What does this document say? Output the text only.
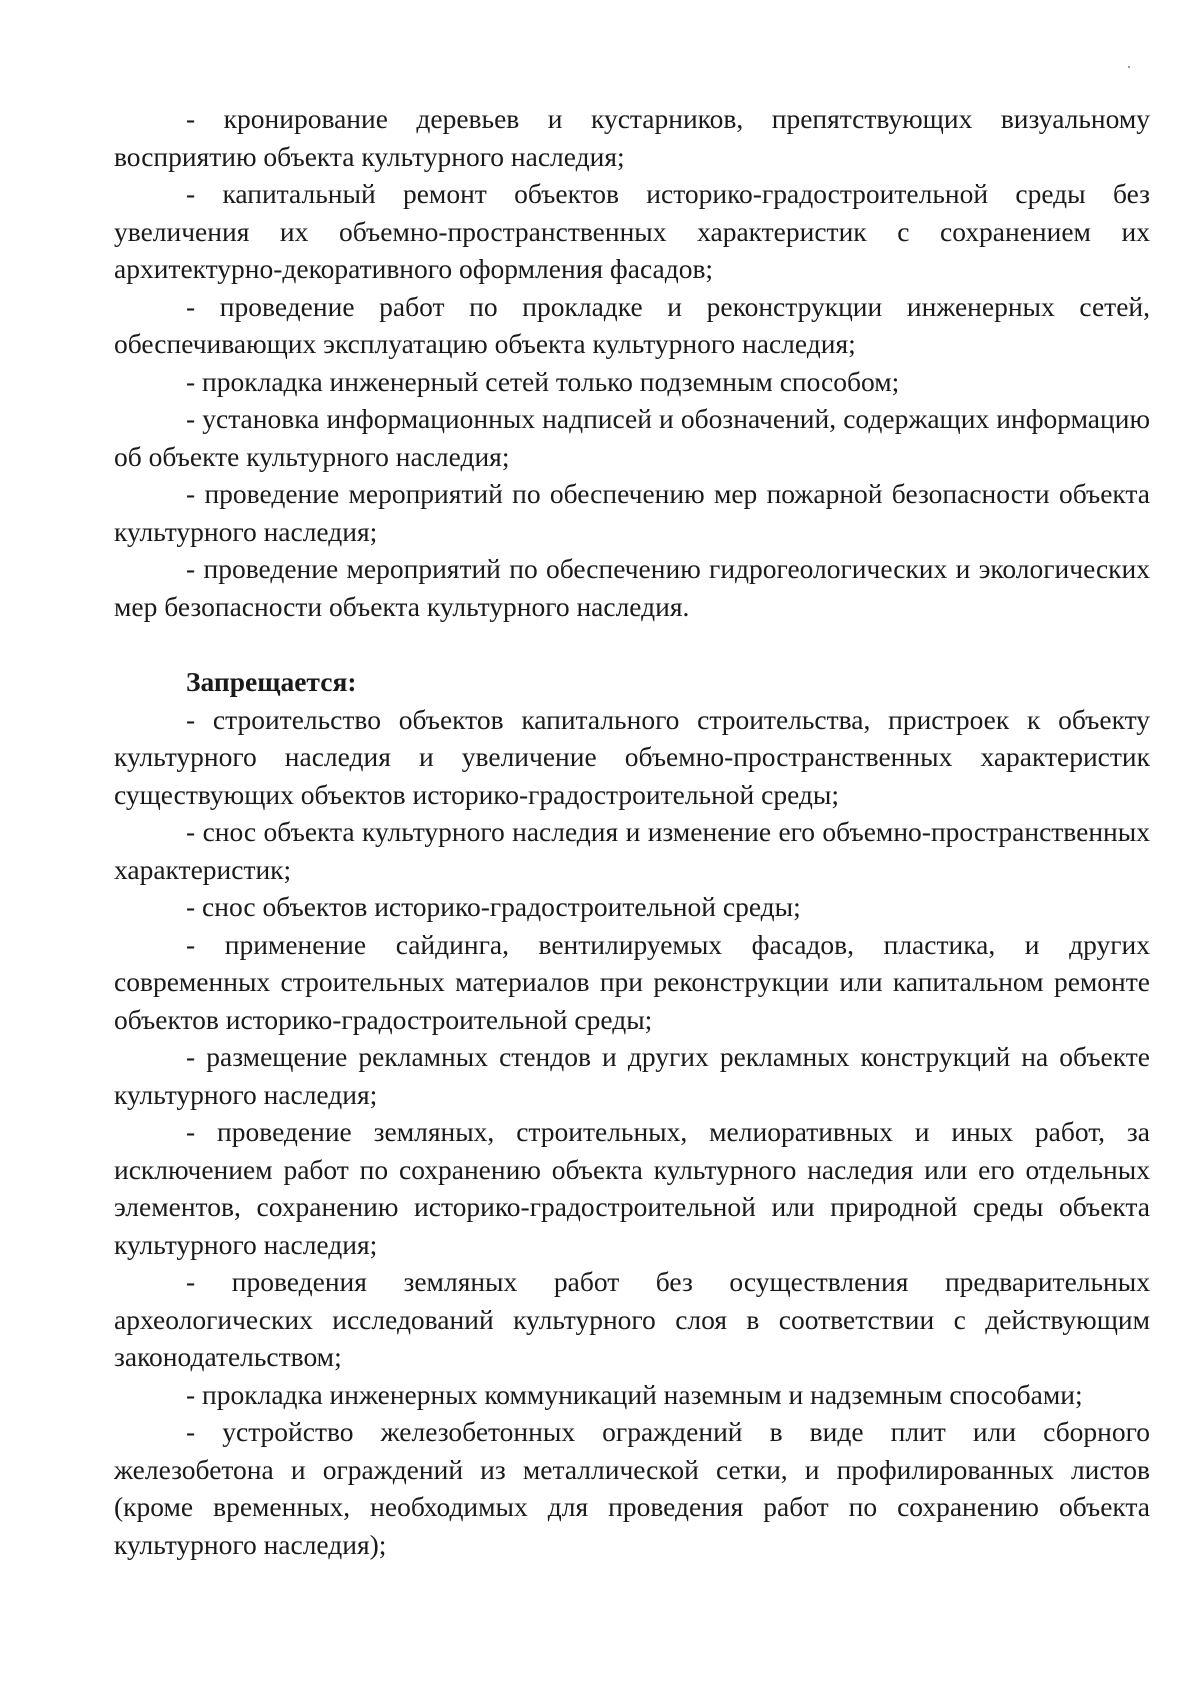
- кронирование деревьев и кустарников, препятствующих визуальному восприятию объекта культурного наследия;

- капитальный ремонт объектов историко-градостроительной среды без увеличения их объемно-пространственных характеристик с сохранением их архитектурно-декоративного оформления фасадов;

- проведение работ по прокладке и реконструкции инженерных сетей, обеспечивающих эксплуатацию объекта культурного наследия;

- прокладка инженерный сетей только подземным способом;

- установка информационных надписей и обозначений, содержащих информацию об объекте культурного наследия;

- проведение мероприятий по обеспечению мер пожарной безопасности объекта культурного наследия;

- проведение мероприятий по обеспечению гидрогеологических и экологических мер безопасности объекта культурного наследия.

Запрещается:

- строительство объектов капитального строительства, пристроек к объекту культурного наследия и увеличение объемно-пространственных характеристик существующих объектов историко-градостроительной среды;

- снос объекта культурного наследия и изменение его объемно-пространственных характеристик;

- снос объектов историко-градостроительной среды;

- применение сайдинга, вентилируемых фасадов, пластика, и других современных строительных материалов при реконструкции или капитальном ремонте объектов историко-градостроительной среды;

- размещение рекламных стендов и других рекламных конструкций на объекте культурного наследия;

- проведение земляных, строительных, мелиоративных и иных работ, за исключением работ по сохранению объекта культурного наследия или его отдельных элементов, сохранению историко-градостроительной или природной среды объекта культурного наследия;

- проведения земляных работ без осуществления предварительных археологических исследований культурного слоя в соответствии с действующим законодательством;

- прокладка инженерных коммуникаций наземным и надземным способами;

- устройство железобетонных ограждений в виде плит или сборного железобетона и ограждений из металлической сетки, и профилированных листов (кроме временных, необходимых для проведения работ по сохранению объекта культурного наследия);
